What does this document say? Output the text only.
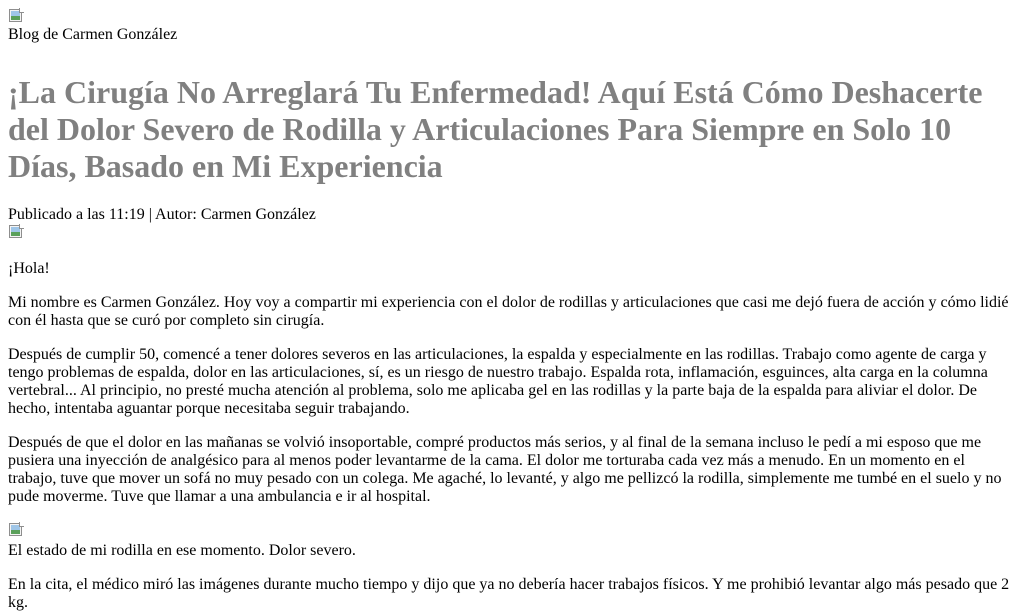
Blog de Carmen González
¡La Cirugía No Arreglará Tu Enfermedad! Aquí Está Cómo Deshacerte del Dolor Severo de Rodilla y Articulaciones Para Siempre en Solo 10 Días, Basado en Mi Experiencia
Publicado a las 11:19 | Autor: Carmen González

¡Hola!

Mi nombre es Carmen González. Hoy voy a compartir mi experiencia con el dolor de rodillas y articulaciones que casi me dejó fuera de acción y cómo lidié con él hasta que se curó por completo sin cirugía.

Después de cumplir 50, comencé a tener dolores severos en las articulaciones, la espalda y especialmente en las rodillas. Trabajo como agente de carga y tengo problemas de espalda, dolor en las articulaciones, sí, es un riesgo de nuestro trabajo. Espalda rota, inflamación, esguinces, alta carga en la columna vertebral... Al principio, no presté mucha atención al problema, solo me aplicaba gel en las rodillas y la parte baja de la espalda para aliviar el dolor. De hecho, intentaba aguantar porque necesitaba seguir trabajando.

Después de que el dolor en las mañanas se volvió insoportable, compré productos más serios, y al final de la semana incluso le pedí a mi esposo que me pusiera una inyección de analgésico para al menos poder levantarme de la cama. El dolor me torturaba cada vez más a menudo. En un momento en el trabajo, tuve que mover un sofá no muy pesado con un colega. Me agaché, lo levanté, y algo me pellizcó la rodilla, simplemente me tumbé en el suelo y no pude moverme. Tuve que llamar a una ambulancia e ir al hospital.

El estado de mi rodilla en ese momento. Dolor severo.

En la cita, el médico miró las imágenes durante mucho tiempo y dijo que ya no debería hacer trabajos físicos. Y me prohibió levantar algo más pesado que 2 kg.
